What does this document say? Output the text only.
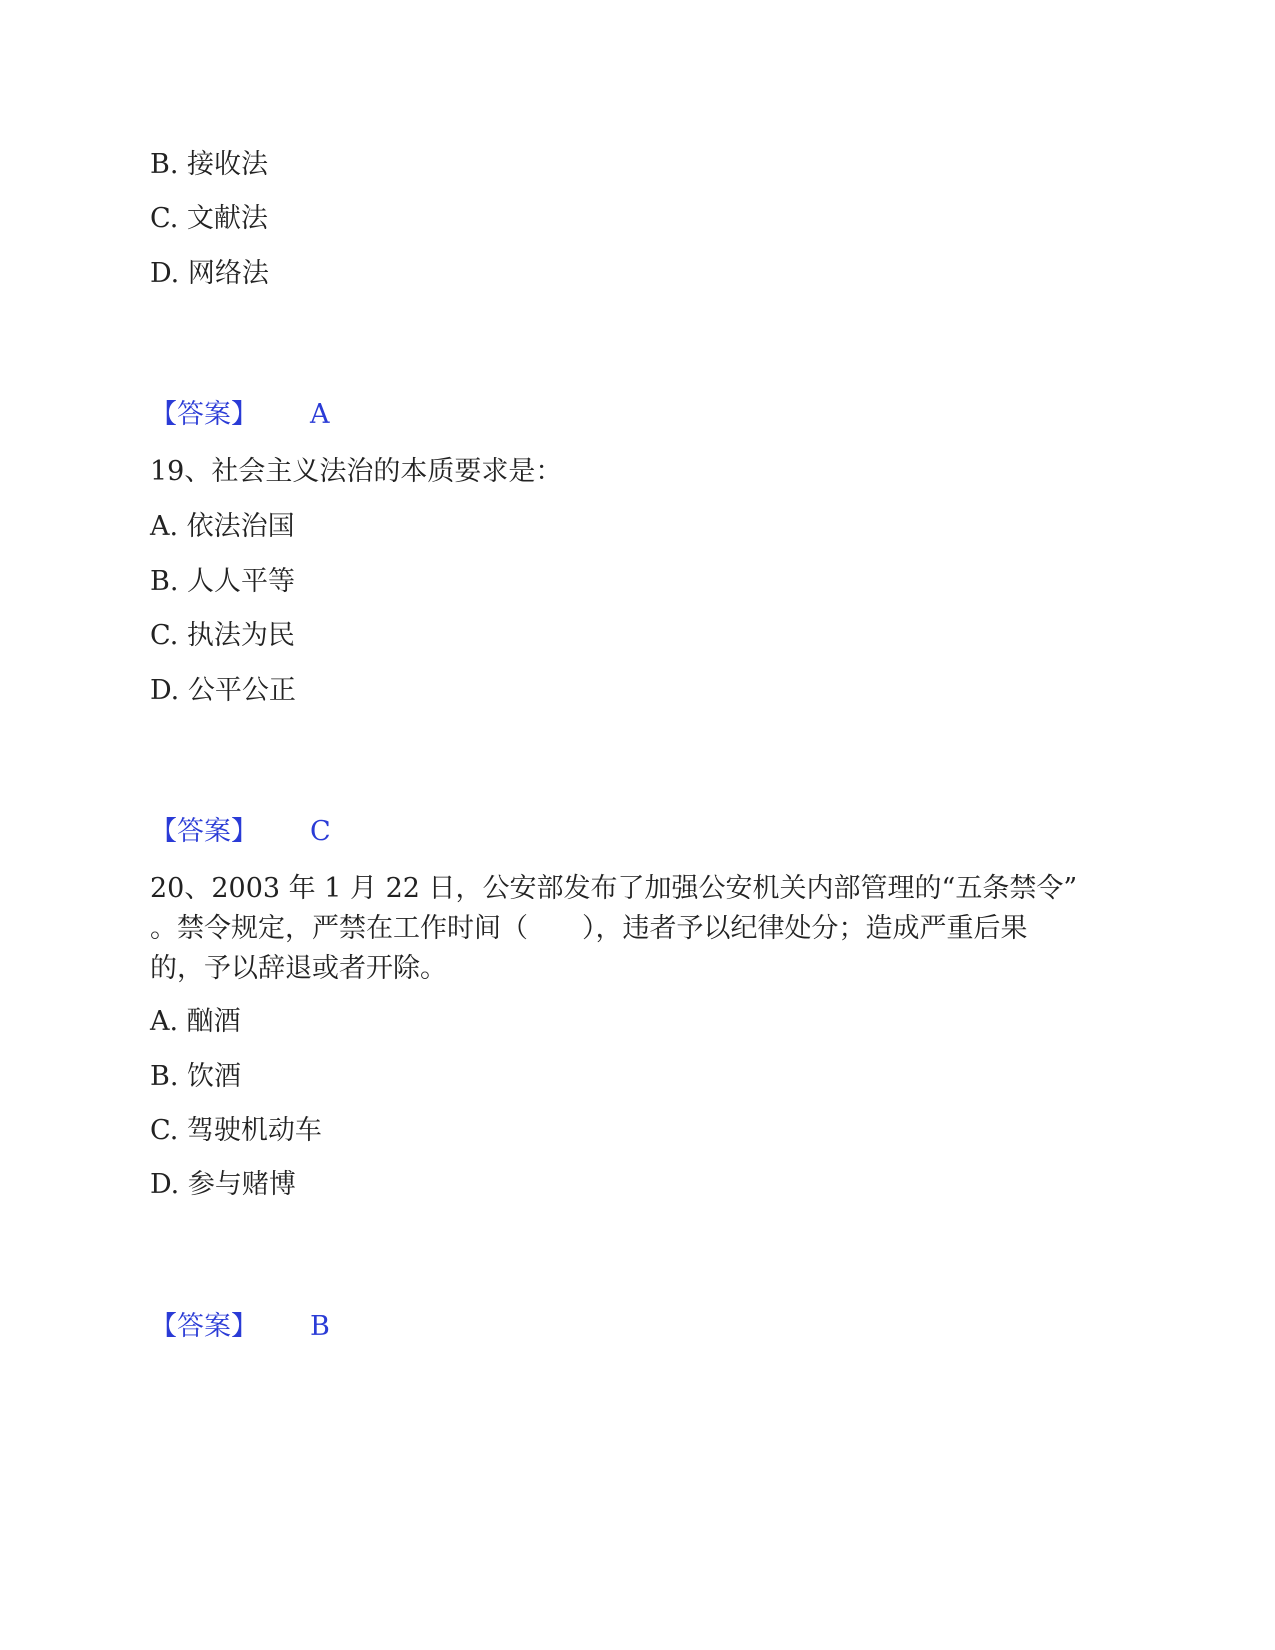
B. 接收法
C. 文献法
D. 网络法
【答案】 A
19、社会主义法治的本质要求是：
A. 依法治国
B. 人人平等
C. 执法为民
D. 公平公正
【答案】 C
20、2003 年 1 月 22 日，公安部发布了加强公安机关内部管理的“五条禁令”
。禁令规定，严禁在工作时间（　　），违者予以纪律处分；造成严重后果
的，予以辞退或者开除。
A. 酗酒
B. 饮酒
C. 驾驶机动车
D. 参与赌博
【答案】 B
